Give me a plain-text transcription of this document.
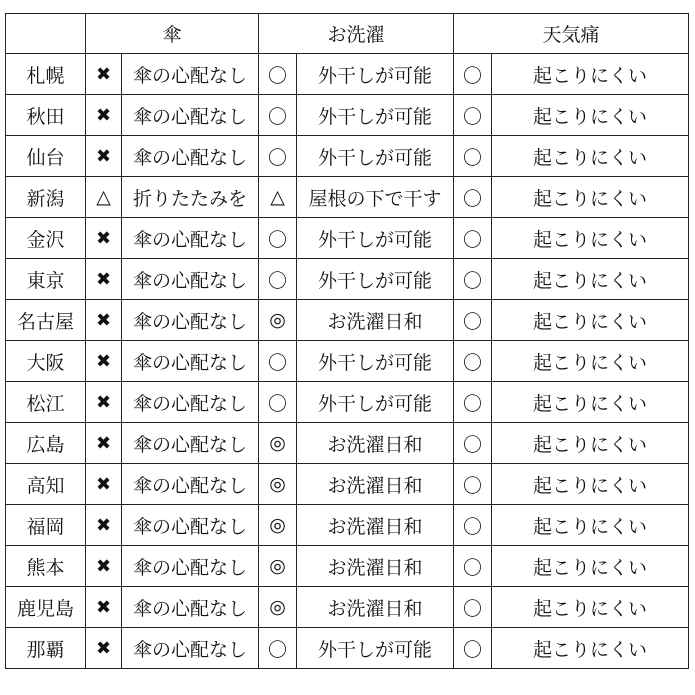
	傘		お洗濯		天気痛	
札幌	✖	傘の心配なし	〇	外干しが可能	〇	起こりにくい
秋田	✖	傘の心配なし	〇	外干しが可能	〇	起こりにくい
仙台	✖	傘の心配なし	〇	外干しが可能	〇	起こりにくい
新潟	△	折りたたみを	△	屋根の下で干す	〇	起こりにくい
金沢	✖	傘の心配なし	〇	外干しが可能	〇	起こりにくい
東京	✖	傘の心配なし	〇	外干しが可能	〇	起こりにくい
名古屋	✖	傘の心配なし	◎	お洗濯日和	〇	起こりにくい
大阪	✖	傘の心配なし	〇	外干しが可能	〇	起こりにくい
松江	✖	傘の心配なし	〇	外干しが可能	〇	起こりにくい
広島	✖	傘の心配なし	◎	お洗濯日和	〇	起こりにくい
高知	✖	傘の心配なし	◎	お洗濯日和	〇	起こりにくい
福岡	✖	傘の心配なし	◎	お洗濯日和	〇	起こりにくい
熊本	✖	傘の心配なし	◎	お洗濯日和	〇	起こりにくい
鹿児島	✖	傘の心配なし	◎	お洗濯日和	〇	起こりにくい
那覇	✖	傘の心配なし	〇	外干しが可能	〇	起こりにくい
